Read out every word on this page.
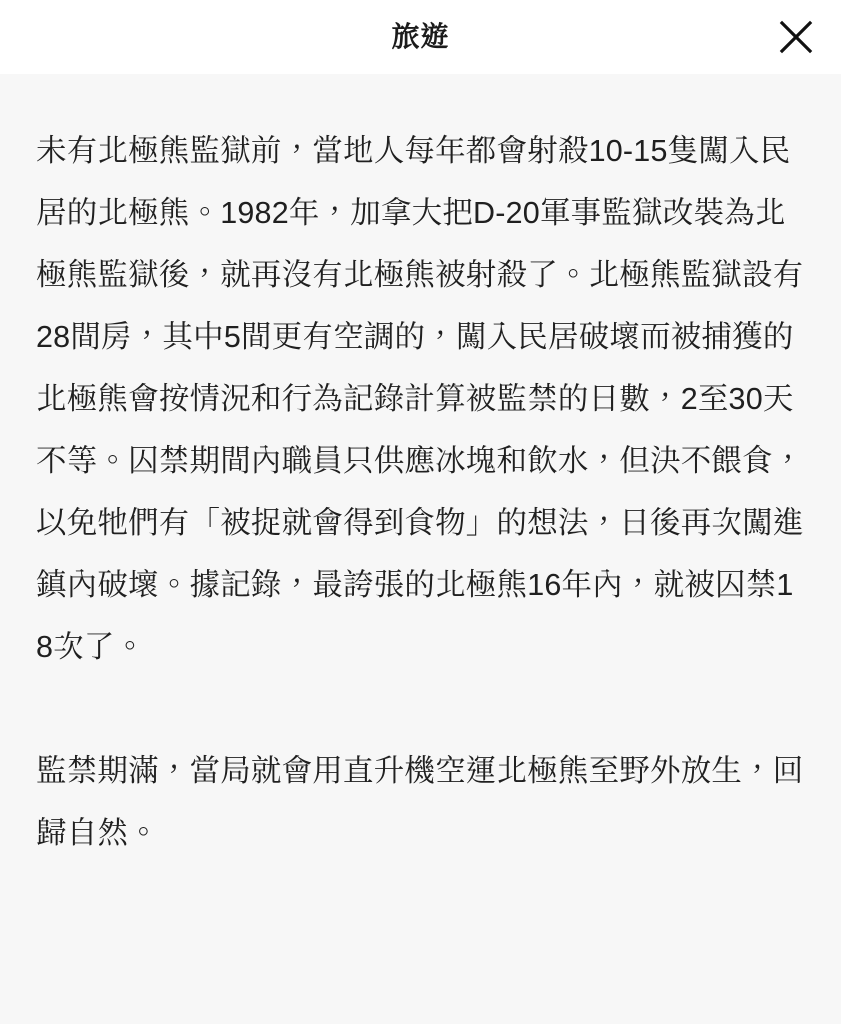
旅遊

未有北極熊監獄前，當地人每年都會射殺10-15隻闖入民居的北極熊。1982年，加拿大把D-20軍事監獄改裝為北極熊監獄後，就再沒有北極熊被射殺了。北極熊監獄設有28間房，其中5間更有空調的，闖入民居破壞而被捕獲的北極熊會按情況和行為記錄計算被監禁的日數，2至30天不等。囚禁期間內職員只供應冰塊和飲水，但決不餵食，以免牠們有「被捉就會得到食物」的想法，日後再次闖進鎮內破壞。據記錄，最誇張的北極熊16年內，就被囚禁18次了。

監禁期滿，當局就會用直升機空運北極熊至野外放生，回歸自然。
